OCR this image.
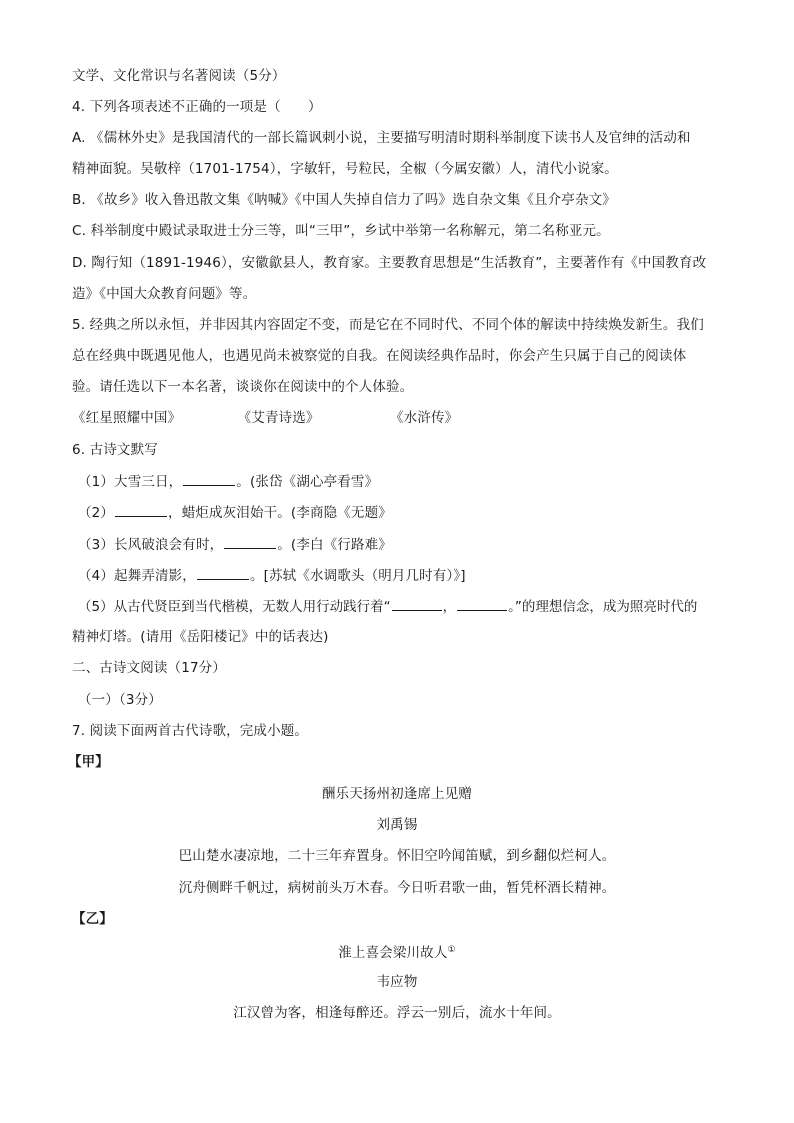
文学、文化常识与名著阅读（5分）
4. 下列各项表述不正确的一项是（　　）
A. 《儒林外史》是我国清代的一部长篇讽刺小说，主要描写明清时期科举制度下读书人及官绅的活动和
精神面貌。吴敬梓（1701-1754），字敏轩，号粒民，全椒（今属安徽）人，清代小说家。
B. 《故乡》收入鲁迅散文集《呐喊》《中国人失掉自信力了吗》选自杂文集《且介亭杂文》
C. 科举制度中殿试录取进士分三等，叫“三甲”，乡试中举第一名称解元，第二名称亚元。
D. 陶行知（1891-1946），安徽歙县人，教育家。主要教育思想是“生活教育”，主要著作有《中国教育改
造》《中国大众教育问题》等。
5. 经典之所以永恒，并非因其内容固定不变，而是它在不同时代、不同个体的解读中持续焕发新生。我们
总在经典中既遇见他人，也遇见尚未被察觉的自我。在阅读经典作品时，你会产生只属于自己的阅读体
验。请任选以下一本名著，谈谈你在阅读中的个人体验。
《红星照耀中国》	《艾青诗选》	《水浒传》
6. 古诗文默写
（1）大雪三日，	。(张岱《湖心亭看雪》
（2）	，蜡炬成灰泪始干。(李商隐《无题》
（3）长风破浪会有时，	。(李白《行路难》
（4）起舞弄清影，	。[苏轼《水调歌头（明月几时有）》]
（5）从古代贤臣到当代楷模，无数人用行动践行着“	，	。”的理想信念，成为照亮时代的
精神灯塔。(请用《岳阳楼记》中的话表达)
二、古诗文阅读（17分）
（一）（3分）
7. 阅读下面两首古代诗歌，完成小题。
【甲】
酬乐天扬州初逢席上见赠
刘禹锡
巴山楚水凄凉地，二十三年弃置身。怀旧空吟闻笛赋，到乡翻似烂柯人。
沉舟侧畔千帆过，病树前头万木春。今日听君歌一曲，暂凭杯酒长精神。
【乙】
淮上喜会梁川故人①
韦应物
江汉曾为客，相逢每醉还。浮云一别后，流水十年间。
